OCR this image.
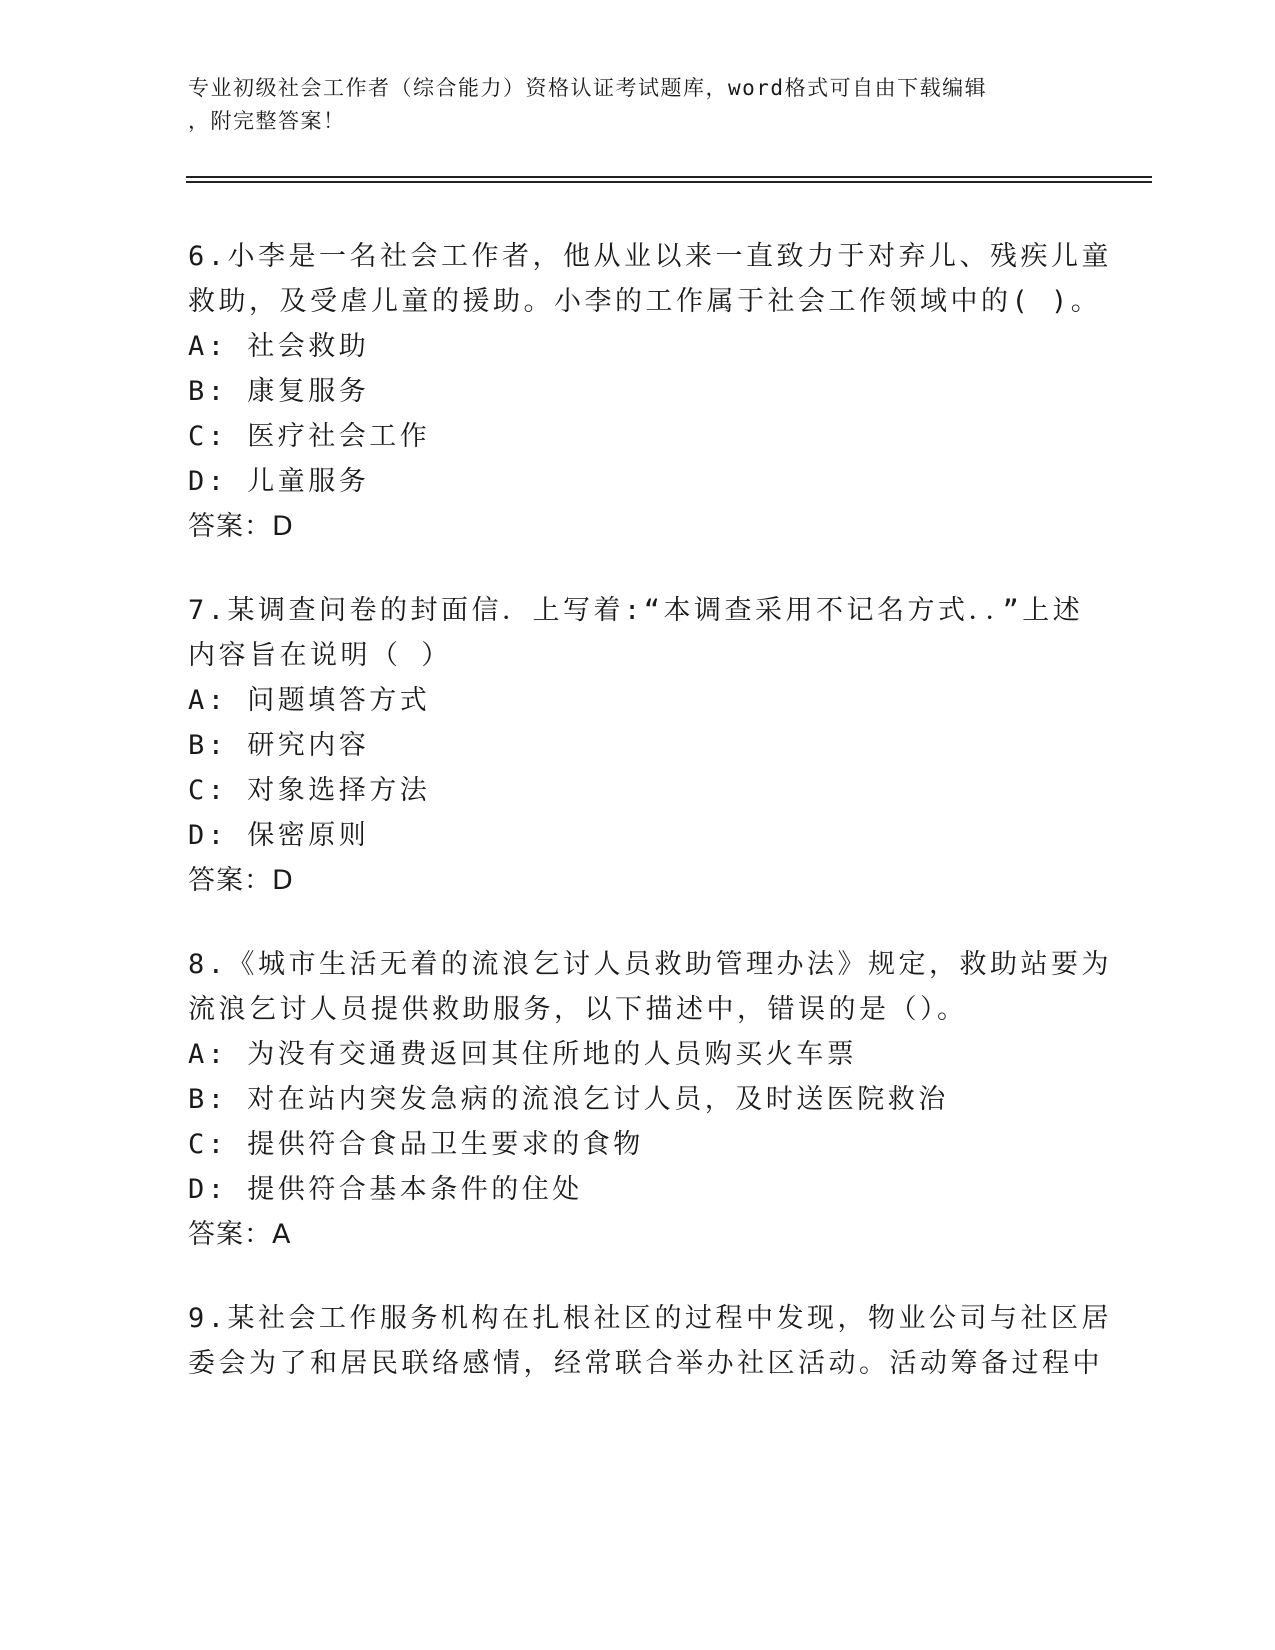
专业初级社会工作者（综合能力）资格认证考试题库，word格式可自由下载编辑
，附完整答案！
6.小李是一名社会工作者，他从业以来一直致力于对弃儿、残疾儿童
救助，及受虐儿童的援助。小李的工作属于社会工作领域中的( )。
A: 社会救助
B: 康复服务
C: 医疗社会工作
D: 儿童服务
答案：D
7.某调查问卷的封面信．上写着:“本调查采用不记名方式．．”上述
内容旨在说明（ ）
A: 问题填答方式
B: 研究内容
C: 对象选择方法
D: 保密原则
答案：D
8.《城市生活无着的流浪乞讨人员救助管理办法》规定，救助站要为
流浪乞讨人员提供救助服务，以下描述中，错误的是（）。
A: 为没有交通费返回其住所地的人员购买火车票
B: 对在站内突发急病的流浪乞讨人员，及时送医院救治
C: 提供符合食品卫生要求的食物
D: 提供符合基本条件的住处
答案：A
9.某社会工作服务机构在扎根社区的过程中发现，物业公司与社区居
委会为了和居民联络感情，经常联合举办社区活动。活动筹备过程中
